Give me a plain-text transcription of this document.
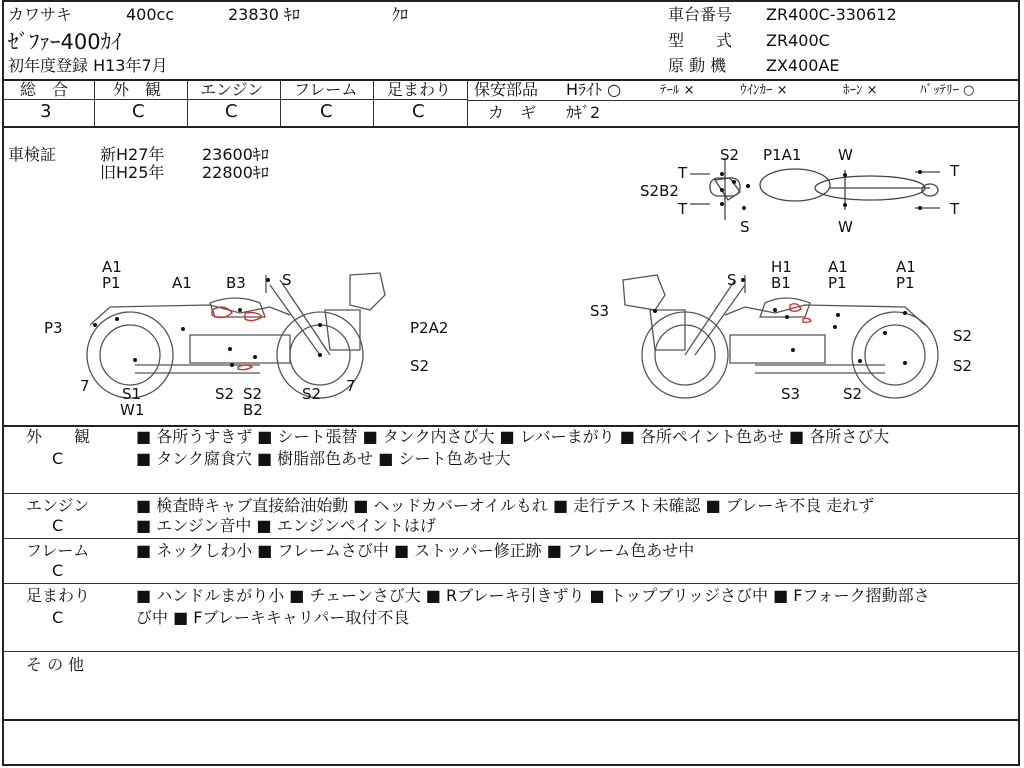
カワサキ	400cc	23830 ｷﾛ	ｸﾛ
ｾﾞﾌｧｰ400ｶｲ
初年度登録 H13年7月
車台番号 ZR400C-330612
型　　式 ZR400C
原 動 機 ZX400AE
総　合	外　観 エンジン フレーム 足まわり
3	C	C	C	C
保安部品 Hﾗｲﾄ ○	ﾃｰﾙ ×	ｳｲﾝｶｰ ×	ﾎｰﾝ ×	ﾊﾞｯﾃﾘｰ ○
カ　ギ ｶｷﾞ2
車検証	新H27年 23600ｷﾛ
旧H25年 22800ｷﾛ
S2 P1A1 W
T	T
S2B2
T	T
S	W
A1
P1	A1 B3 S
P3	P2A2
S2
7 S1
W1
S2 S2
B2
S2 7
S
H1
B1
A1
P1
A1
P1
S3
S2
S2
S3	S2
外　　観
C
■ 各所うすきず ■ シート張替 ■ タンク内さび大 ■ レバーまがり ■ 各所ペイント色あせ ■ 各所さび大
■ タンク腐食穴 ■ 樹脂部色あせ ■ シート色あせ大
エンジン
C
■ 検査時キャブ直接給油始動 ■ ヘッドカバーオイルもれ ■ 走行テスト未確認 ■ ブレーキ不良 走れず
■ エンジン音中 ■ エンジンペイントはげ
フレーム
C
■ ネックしわ小 ■ フレームさび中 ■ ストッパー修正跡 ■ フレーム色あせ中
足まわり
C
■ ハンドルまがり小 ■ チェーンさび大 ■ Rブレーキ引きずり ■ トップブリッジさび中 ■ Fフォーク摺動部さ
び中 ■ Fブレーキキャリパー取付不良
そ の 他
